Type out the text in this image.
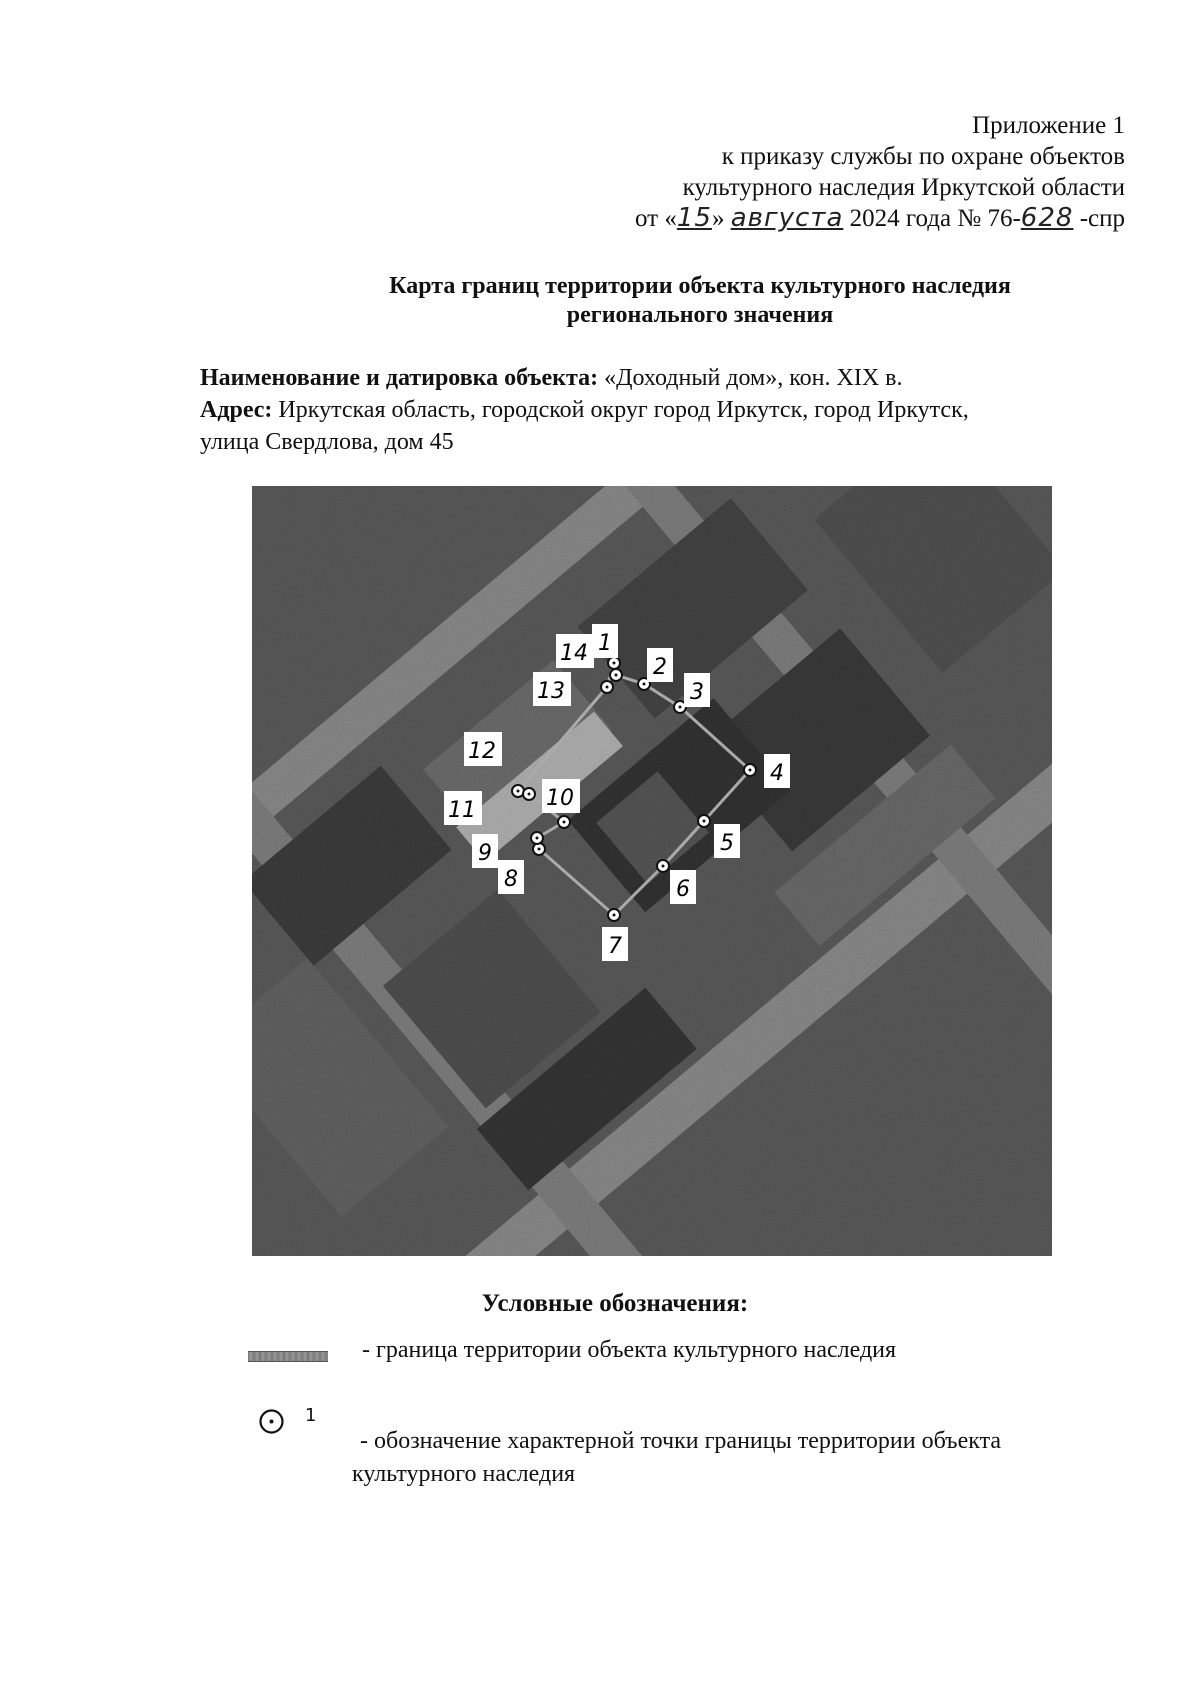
Приложение 1
к приказу службы по охране объектов
культурного наследия Иркутской области
от «15» августа 2024 года № 76-628 -спр
Карта границ территории объекта культурного наследия
регионального значения
Наименование и датировка объекта: «Доходный дом», кон. XIX в.
Адрес: Иркутская область, городской округ город Иркутск, город Иркутск,
улица Свердлова, дом 45
1
2
3
4
5
6
7
8
9
10
11
12
13
14
Условные обозначения:
- граница территории объекта культурного наследия
1
- обозначение характерной точки границы территории объекта
культурного наследия
